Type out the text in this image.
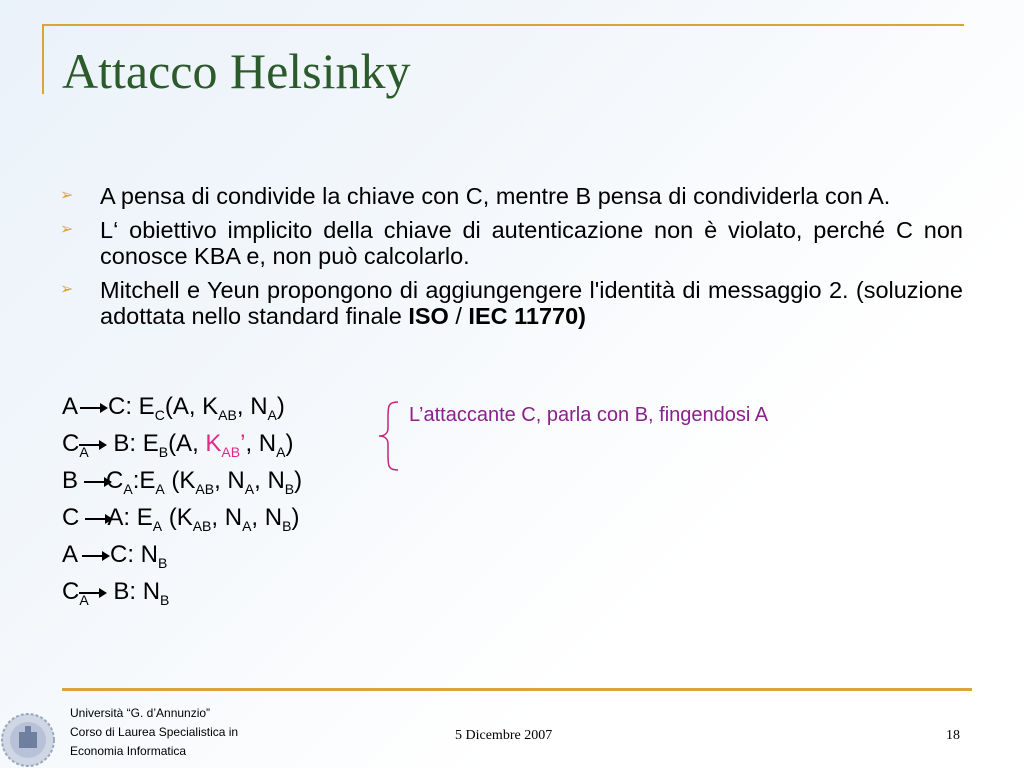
Attacco Helsinky
➢ A pensa di condivide la chiave con C, mentre B pensa di condividerla con A.
➢ L‘ obiettivo implicito della chiave di autenticazione non è violato, perché C non conosce KBA e, non può calcolarlo.
➢ Mitchell e Yeun propongono di aggiungengere l'identità di messaggio 2. (soluzione adottata nello standard finale ISO / IEC 11770)
A C: $E_C(A$, $K_{AB}$, $N_A$)
$C_A$ B: $E_B(A$, $K_{AB}$’, $N_A$)
B $C_A:E_A$ ($K_{AB}$, $N_A$, $N_B$)
C A: $E_A$ ($K_{AB}$, $N_A$, $N_B$)
A C: $N_B$
$C_A$ B: $N_B$
L’attaccante C, parla con B, fingendosi A
Università “G. d’Annunzio”
Corso di Laurea Specialistica in
Economia Informatica
5 Dicembre 2007	18
